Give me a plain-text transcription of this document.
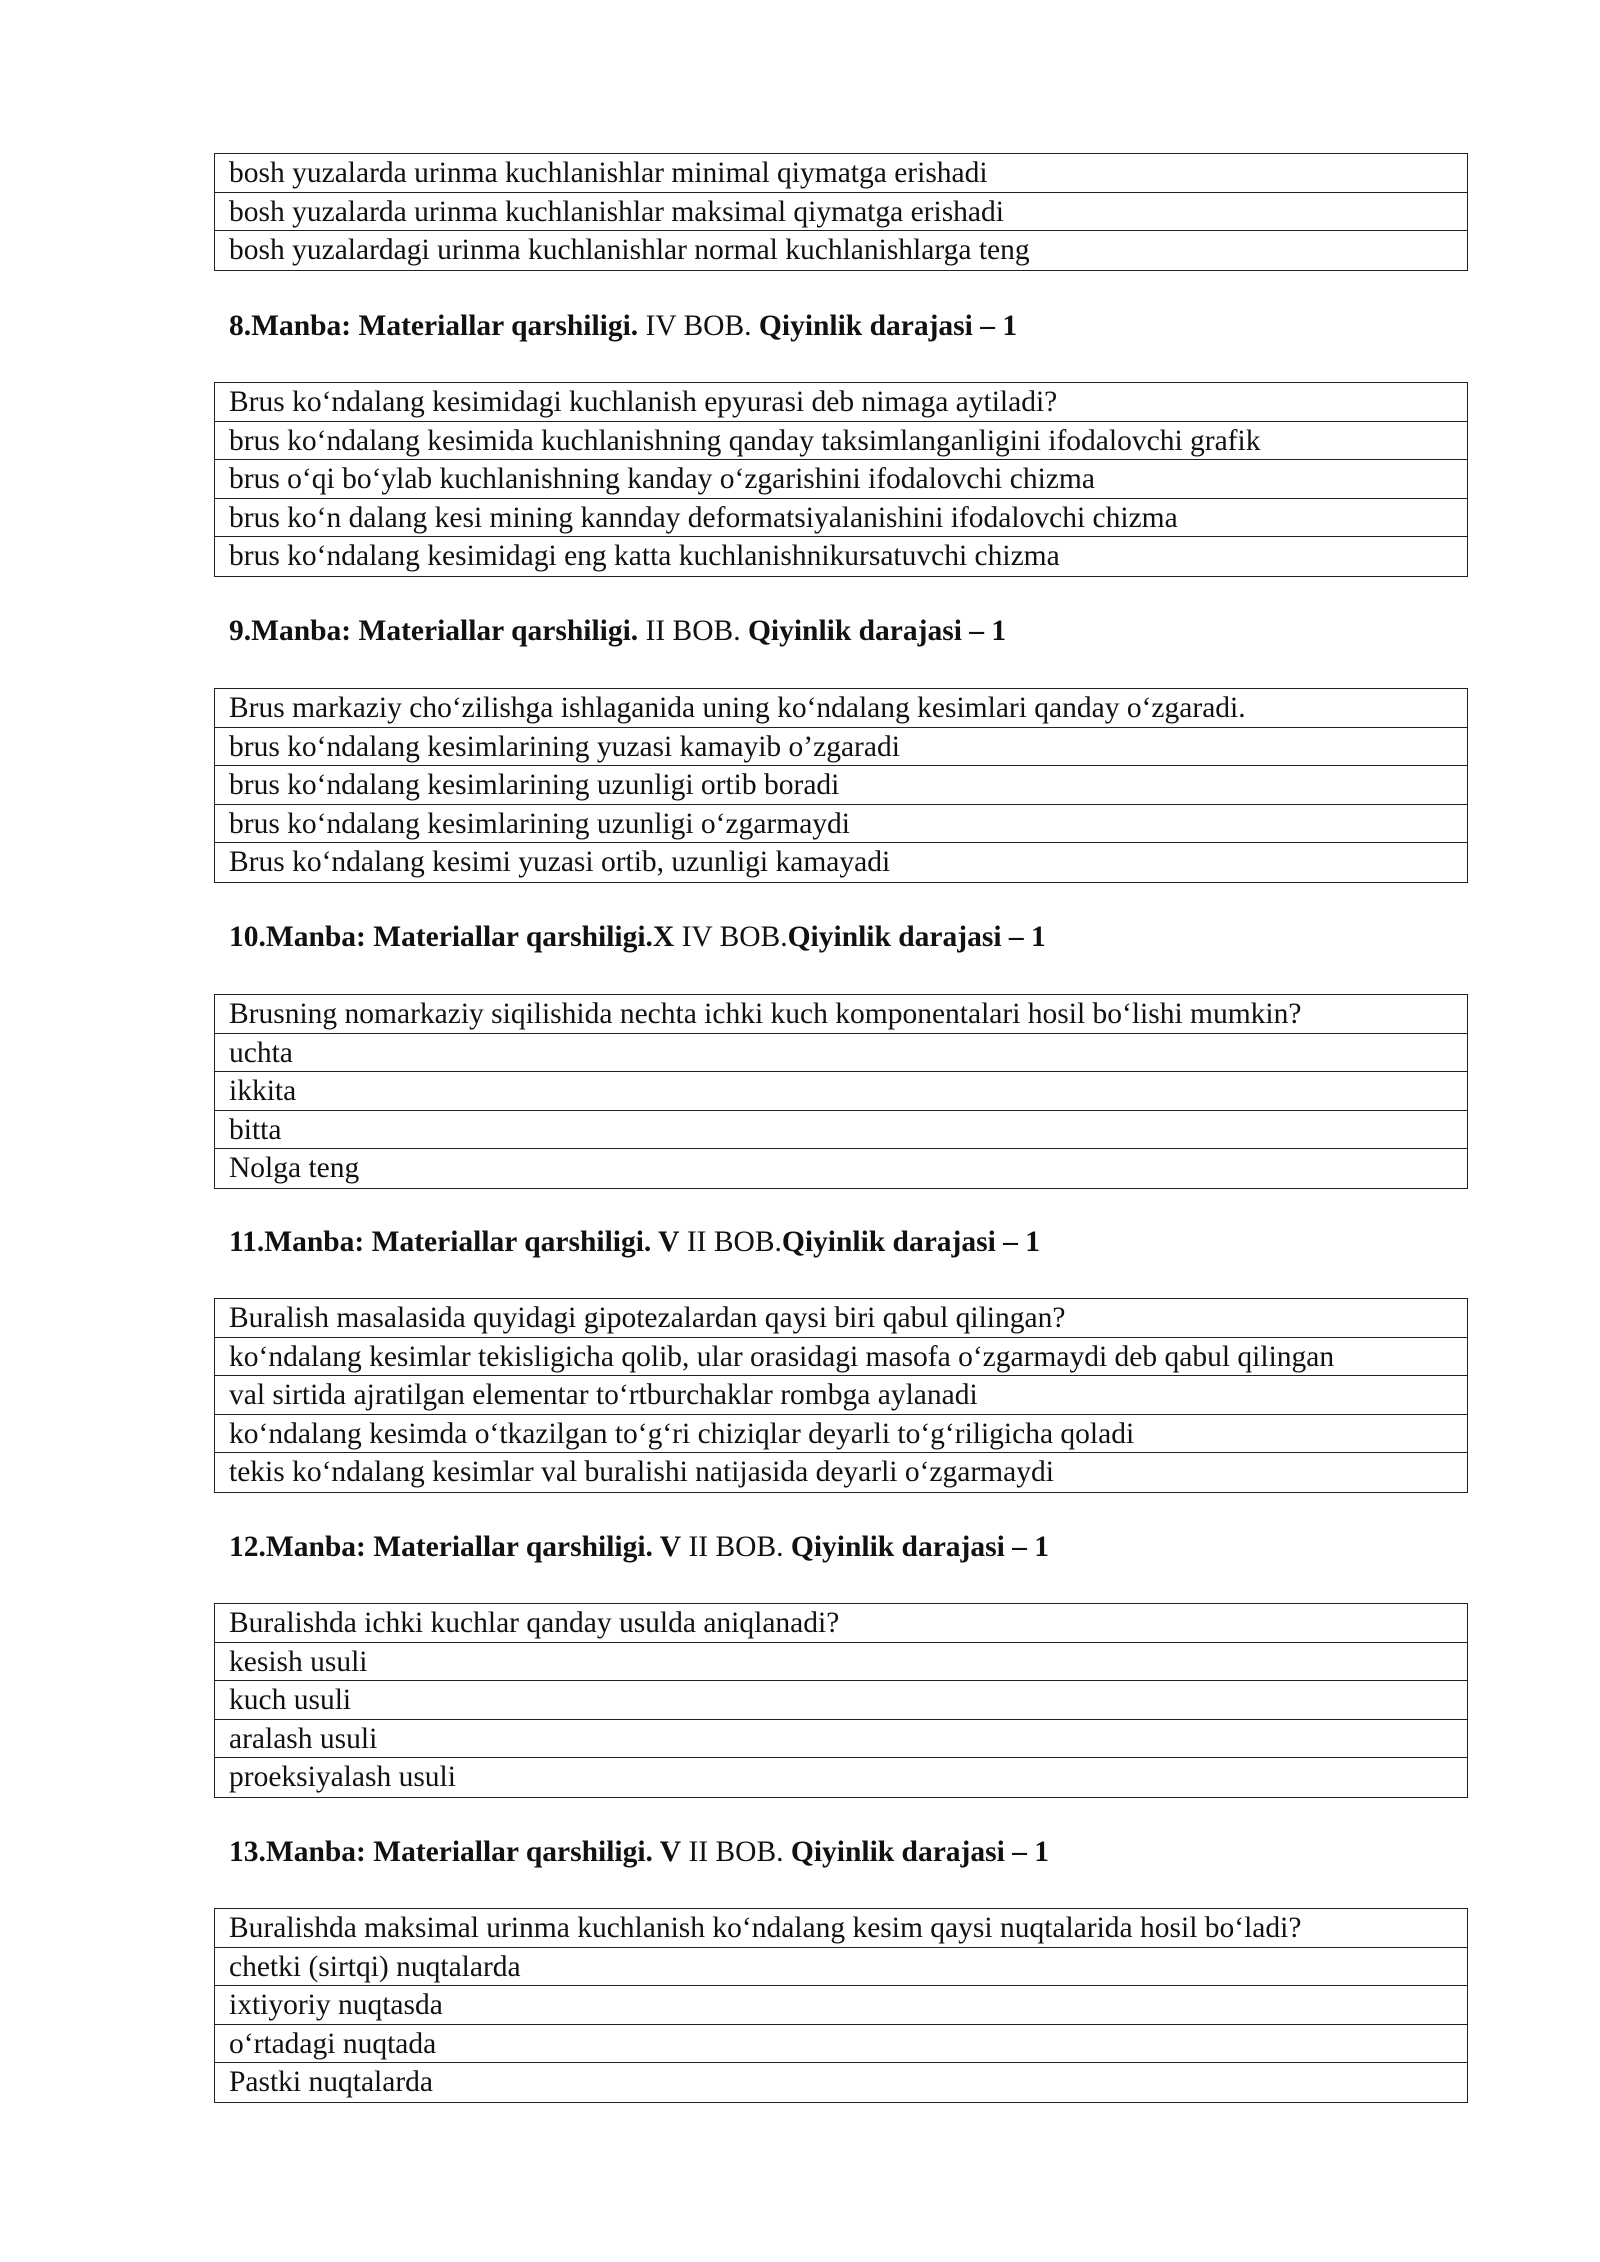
bosh yuzalarda urinma kuchlanishlar minimal qiymatga erishadi
bosh yuzalarda urinma kuchlanishlar maksimal qiymatga erishadi
bosh yuzalardagi urinma kuchlanishlar normal kuchlanishlarga teng
8.Manba: Materiallar qarshiligi. IV BOB. Qiyinlik darajasi – 1
Brus ko‘ndalang kesimidagi kuchlanish epyurasi deb nimaga aytiladi?
brus ko‘ndalang kesimida kuchlanishning qanday taksimlanganligini ifodalovchi grafik
brus o‘qi bo‘ylab kuchlanishning kanday o‘zgarishini ifodalovchi chizma
brus ko‘n dalang kesi mining kannday deformatsiyalanishini ifodalovchi chizma
brus ko‘ndalang kesimidagi eng katta kuchlanishnikursatuvchi chizma
9.Manba: Materiallar qarshiligi. II BOB. Qiyinlik darajasi – 1
Brus markaziy cho‘zilishga ishlaganida uning ko‘ndalang kesimlari qanday o‘zgaradi.
brus ko‘ndalang kesimlarining yuzasi kamayib o’zgaradi
brus ko‘ndalang kesimlarining uzunligi ortib boradi
brus ko‘ndalang kesimlarining uzunligi o‘zgarmaydi
Brus ko‘ndalang kesimi yuzasi ortib, uzunligi kamayadi
10.Manba: Materiallar qarshiligi.X IV BOB.Qiyinlik darajasi – 1
Brusning nomarkaziy siqilishida nechta ichki kuch komponentalari hosil bo‘lishi mumkin?
uchta
ikkita
bitta
Nolga teng
11.Manba: Materiallar qarshiligi. V II BOB.Qiyinlik darajasi – 1
Buralish masalasida quyidagi gipotezalardan qaysi biri qabul qilingan?
ko‘ndalang kesimlar tekisligicha qolib, ular orasidagi masofa o‘zgarmaydi deb qabul qilingan
val sirtida ajratilgan elementar to‘rtburchaklar rombga aylanadi
ko‘ndalang kesimda o‘tkazilgan to‘g‘ri chiziqlar deyarli to‘g‘riligicha qoladi
tekis ko‘ndalang kesimlar val buralishi natijasida deyarli o‘zgarmaydi
12.Manba: Materiallar qarshiligi. V II BOB. Qiyinlik darajasi – 1
Buralishda ichki kuchlar qanday usulda aniqlanadi?
kesish usuli
kuch usuli
aralash usuli
proeksiyalash usuli
13.Manba: Materiallar qarshiligi. V II BOB. Qiyinlik darajasi – 1
Buralishda maksimal urinma kuchlanish ko‘ndalang kesim qaysi nuqtalarida hosil bo‘ladi?
chetki (sirtqi) nuqtalarda
ixtiyoriy nuqtasda
o‘rtadagi nuqtada
Pastki nuqtalarda
